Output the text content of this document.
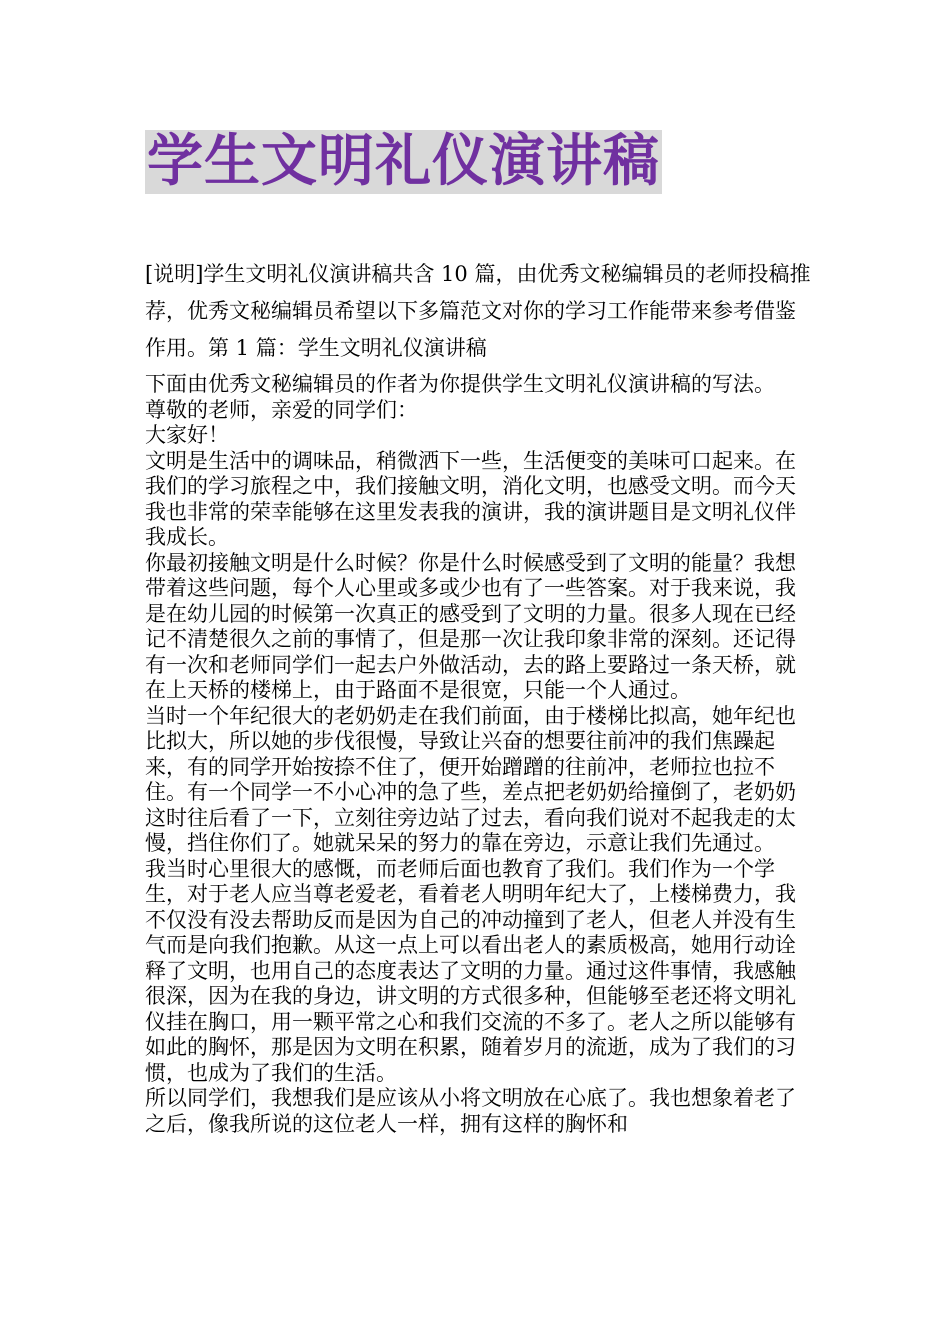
学生文明礼仪演讲稿

[说明]学生文明礼仪演讲稿共含 10 篇，由优秀文秘编辑员的老师投稿推荐，优秀文秘编辑员希望以下多篇范文对你的学习工作能带来参考借鉴作用。第 1 篇：学生文明礼仪演讲稿

下面由优秀文秘编辑员的作者为你提供学生文明礼仪演讲稿的写法。

尊敬的老师，亲爱的同学们：

大家好！

文明是生活中的调味品，稍微洒下一些，生活便变的美味可口起来。在我们的学习旅程之中，我们接触文明，消化文明，也感受文明。而今天我也非常的荣幸能够在这里发表我的演讲，我的演讲题目是文明礼仪伴我成长。

你最初接触文明是什么时候？你是什么时候感受到了文明的能量？我想带着这些问题，每个人心里或多或少也有了一些答案。对于我来说，我是在幼儿园的时候第一次真正的感受到了文明的力量。很多人现在已经记不清楚很久之前的事情了，但是那一次让我印象非常的深刻。还记得有一次和老师同学们一起去户外做活动，去的路上要路过一条天桥，就在上天桥的楼梯上，由于路面不是很宽，只能一个人通过。

当时一个年纪很大的老奶奶走在我们前面，由于楼梯比拟高，她年纪也比拟大，所以她的步伐很慢，导致让兴奋的想要往前冲的我们焦躁起来，有的同学开始按捺不住了，便开始蹭蹭的往前冲，老师拉也拉不住。有一个同学一不小心冲的急了些，差点把老奶奶给撞倒了，老奶奶这时往后看了一下，立刻往旁边站了过去，看向我们说对不起我走的太慢，挡住你们了。她就呆呆的努力的靠在旁边，示意让我们先通过。

我当时心里很大的感慨，而老师后面也教育了我们。我们作为一个学生，对于老人应当尊老爱老，看着老人明明年纪大了，上楼梯费力，我不仅没有没去帮助反而是因为自己的冲动撞到了老人，但老人并没有生气而是向我们抱歉。从这一点上可以看出老人的素质极高，她用行动诠释了文明，也用自己的态度表达了文明的力量。通过这件事情，我感触很深，因为在我的身边，讲文明的方式很多种，但能够至老还将文明礼仪挂在胸口，用一颗平常之心和我们交流的不多了。老人之所以能够有如此的胸怀，那是因为文明在积累，随着岁月的流逝，成为了我们的习惯，也成为了我们的生活。

所以同学们，我想我们是应该从小将文明放在心底了。我也想象着老了之后，像我所说的这位老人一样，拥有这样的胸怀和
